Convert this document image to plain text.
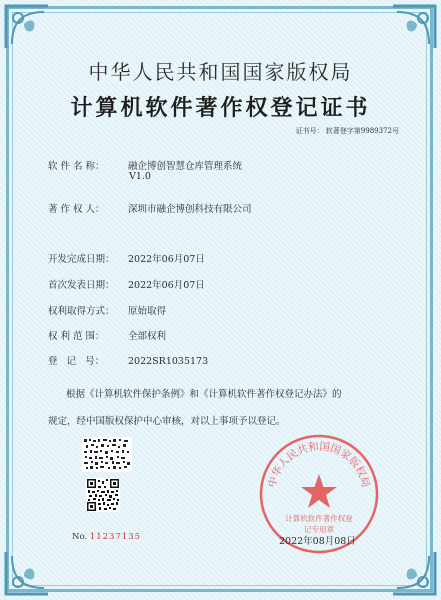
中华人民共和国国家版权局
计算机软件著作权登记证书
证书号： 软著登字第9989372号
软 件 名 称： 融企博创智慧仓库管理系统
V1.0
著 作 权 人： 深圳市融企博创科技有限公司
开发完成日期： 2022年06月07日
首次发表日期： 2022年06月07日
权利取得方式： 原始取得
权 利 范 围： 全部权利
登   记   号：	2022SR1035173
根据《计算机软件保护条例》和《计算机软件著作权登记办法》的
规定，经中国版权保护中心审核，对以上事项予以登记。
No. 11237135
中华人民共和国国家版权局
计算机软件著作权登记专用章
2022年08月08日
